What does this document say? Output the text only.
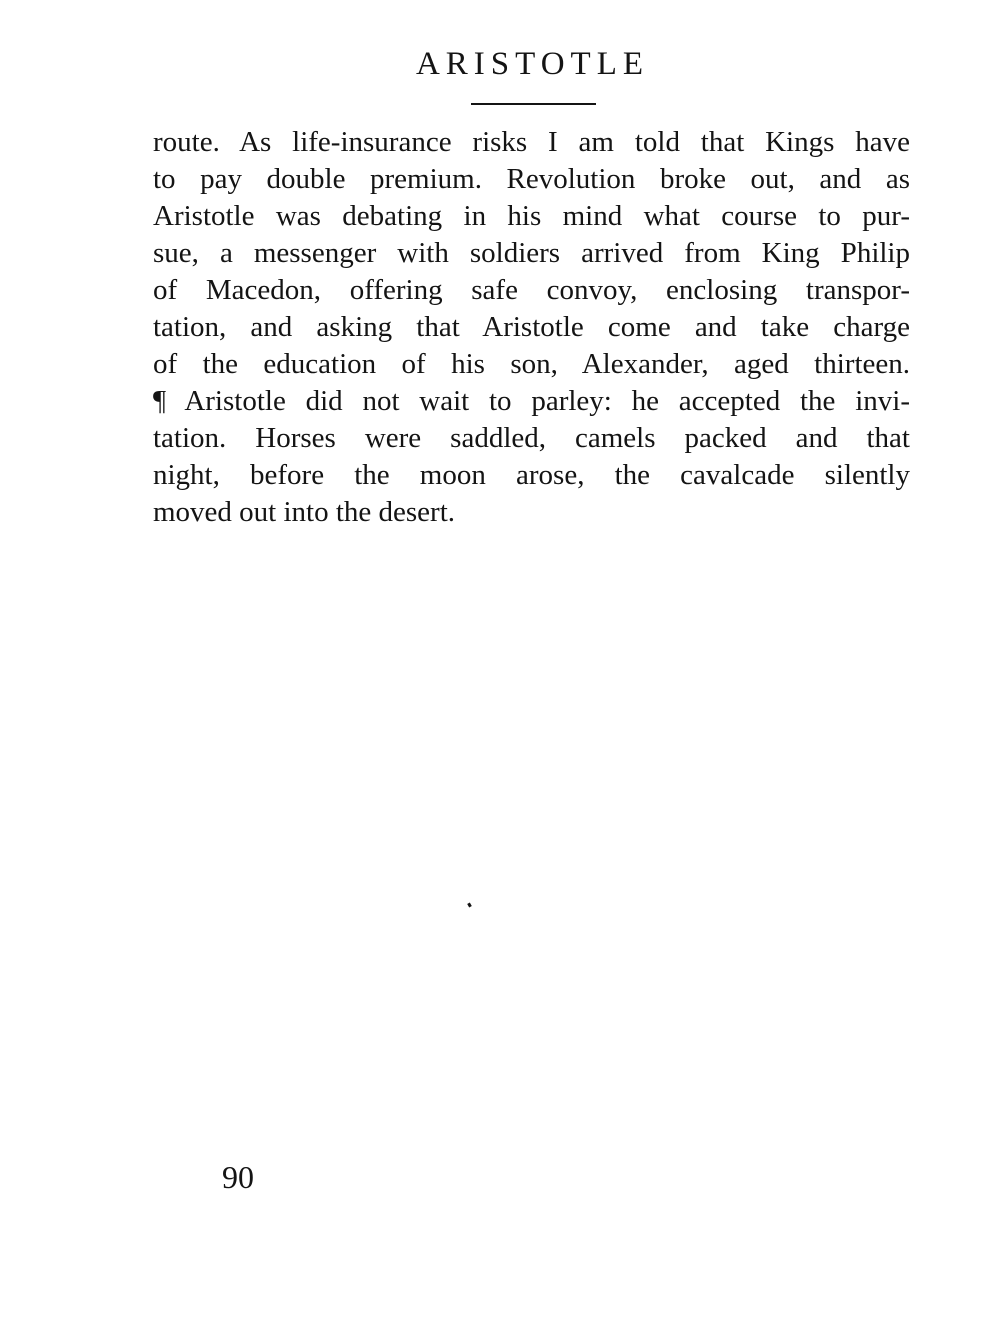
ARISTOTLE
route. As life-insurance risks I am told that Kings have
to pay double premium. Revolution broke out, and as
Aristotle was debating in his mind what course to pur-
sue, a messenger with soldiers arrived from King Philip
of Macedon, offering safe convoy, enclosing transpor-
tation, and asking that Aristotle come and take charge
of the education of his son, Alexander, aged thirteen.
¶ Aristotle did not wait to parley: he accepted the invi-
tation. Horses were saddled, camels packed and that
night, before the moon arose, the cavalcade silently
moved out into the desert.
90
